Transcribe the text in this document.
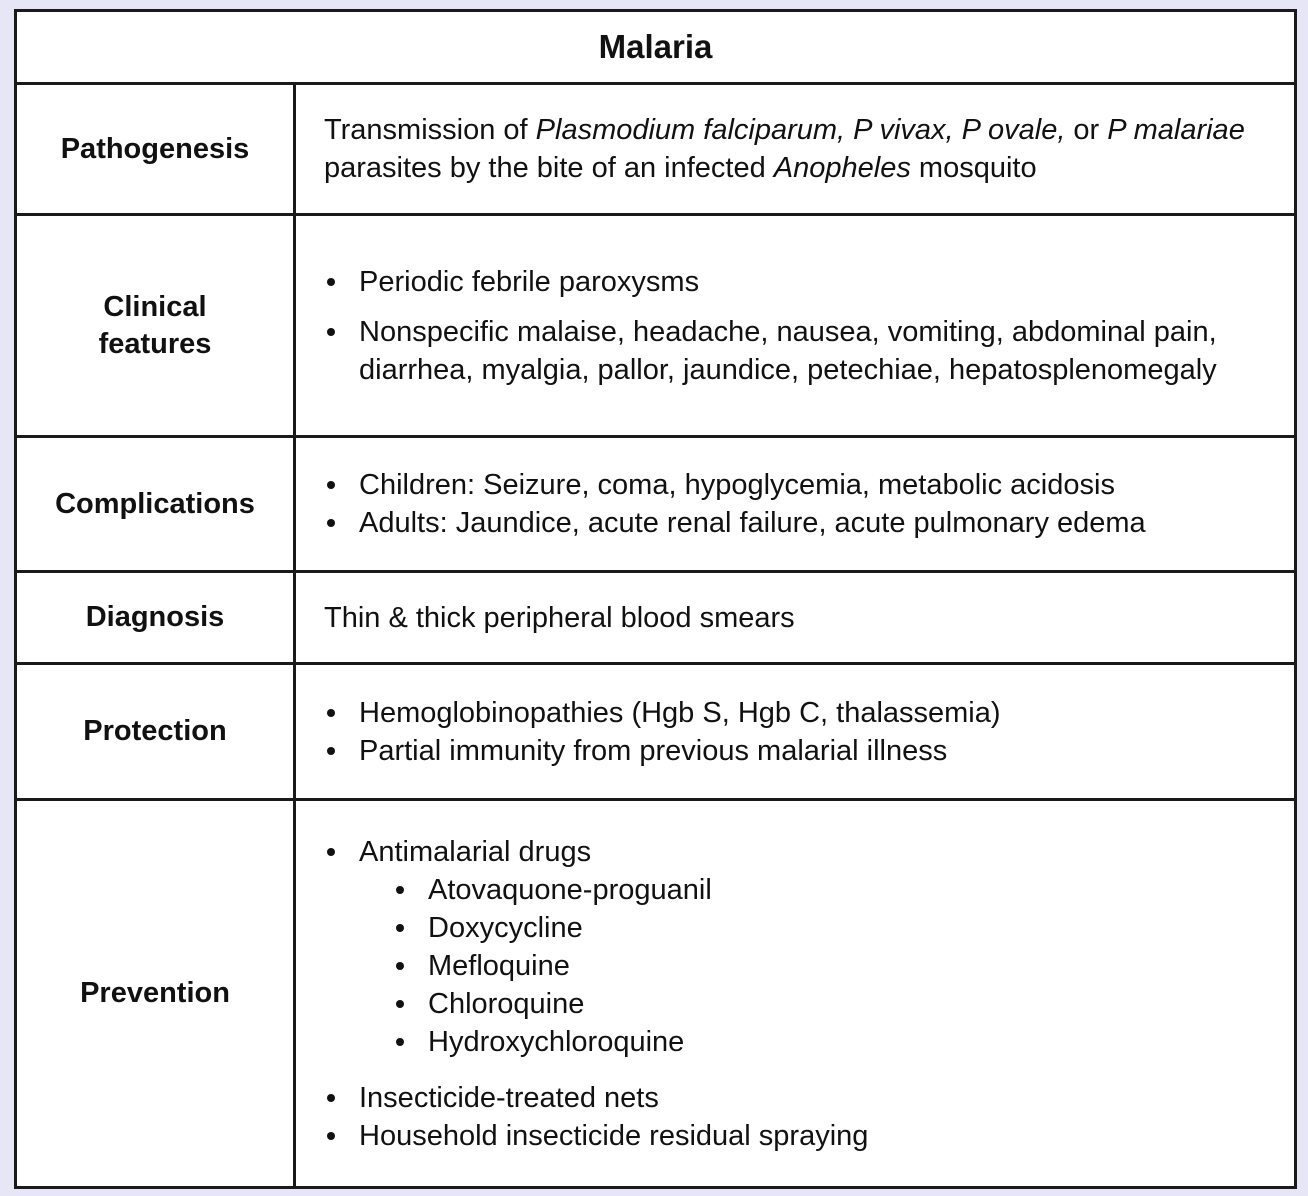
Malaria
Pathogenesis

Transmission of Plasmodium falciparum, P vivax, P ovale, or P malariae parasites by the bite of an infected Anopheles mosquito

Clinical
features
Periodic febrile paroxysms
Nonspecific malaise, headache, nausea, vomiting, abdominal pain, diarrhea, myalgia, pallor, jaundice, petechiae, hepatosplenomegaly
Complications
Children: Seizure, coma, hypoglycemia, metabolic acidosis
Adults: Jaundice, acute renal failure, acute pulmonary edema
Diagnosis	Thin & thick peripheral blood smears

Protection
Hemoglobinopathies (Hgb S, Hgb C, thalassemia)
Partial immunity from previous malarial illness
Prevention
Antimalarial drugs
Atovaquone-proguanil
Doxycycline
Mefloquine
Chloroquine
Hydroxychloroquine
Insecticide-treated nets
Household insecticide residual spraying
